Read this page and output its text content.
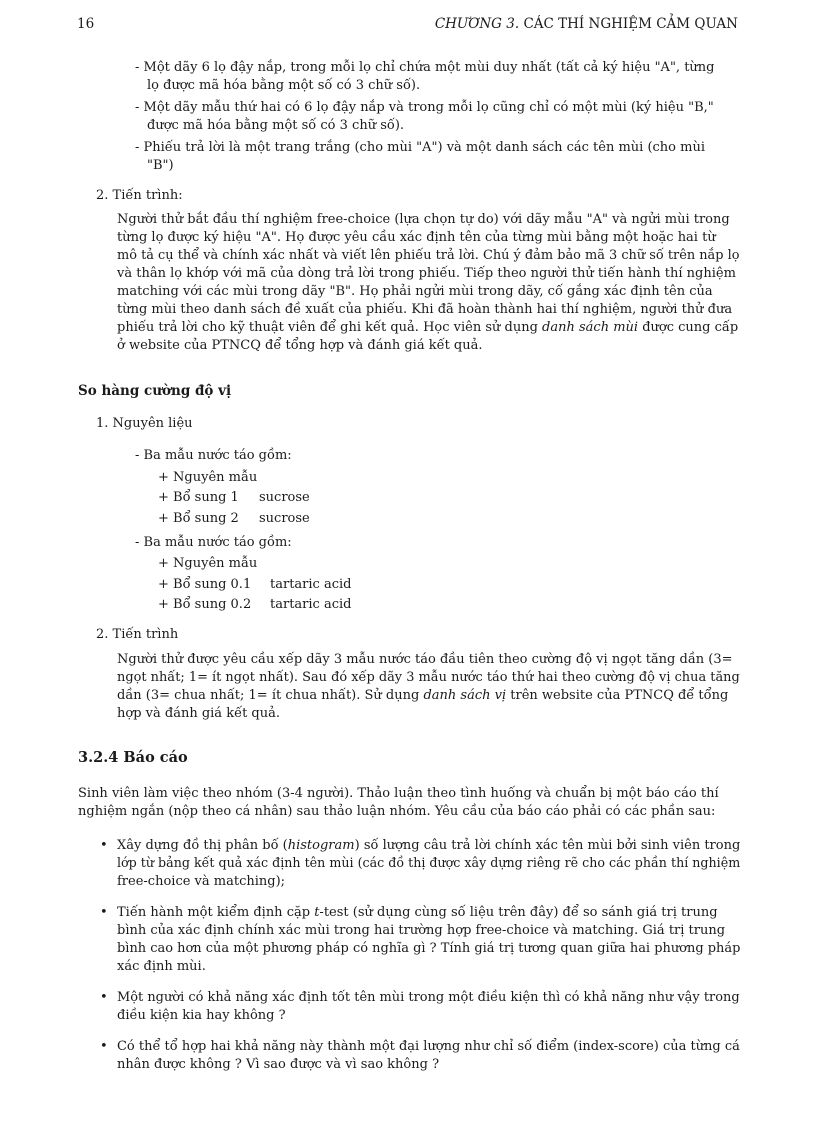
16	CHƯƠNG 3. CÁC THÍ NGHIỆM CẢM QUAN
- Một dãy 6 lọ đậy nắp, trong mỗi lọ chỉ chứa một mùi duy nhất (tất cả ký hiệu "A", từng
lọ được mã hóa bằng một số có 3 chữ số).
- Một dãy mẫu thứ hai có 6 lọ đậy nắp và trong mỗi lọ cũng chỉ có một mùi (ký hiệu "B,"
được mã hóa bằng một số có 3 chữ số).
- Phiếu trả lời là một trang trắng (cho mùi "A") và một danh sách các tên mùi (cho mùi
"B")
2. Tiến trình:
Người thử bắt đầu thí nghiệm free-choice (lựa chọn tự do) với dãy mẫu "A" và ngửi mùi trong
từng lọ được ký hiệu "A". Họ được yêu cầu xác định tên của từng mùi bằng một hoặc hai từ
mô tả cụ thể và chính xác nhất và viết lên phiếu trả lời. Chú ý đảm bảo mã 3 chữ số trên nắp lọ
và thân lọ khớp với mã của dòng trả lời trong phiếu. Tiếp theo người thử tiến hành thí nghiệm
matching với các mùi trong dãy "B". Họ phải ngửi mùi trong dãy, cố gắng xác định tên của
từng mùi theo danh sách đề xuất của phiếu. Khi đã hoàn thành hai thí nghiệm, người thử đưa
phiếu trả lời cho kỹ thuật viên để ghi kết quả. Học viên sử dụng danh sách mùi được cung cấp
ở website của PTNCQ để tổng hợp và đánh giá kết quả.
So hàng cường độ vị
1. Nguyên liệu
- Ba mẫu nước táo gồm:
+ Nguyên mẫu
+ Bổ sung 1 sucrose
+ Bổ sung 2 sucrose
- Ba mẫu nước táo gồm:
+ Nguyên mẫu
+ Bổ sung 0.1 tartaric acid
+ Bổ sung 0.2 tartaric acid
2. Tiến trình
Người thử được yêu cầu xếp dãy 3 mẫu nước táo đầu tiên theo cường độ vị ngọt tăng dần (3=
ngọt nhất; 1= ít ngọt nhất). Sau đó xếp dãy 3 mẫu nước táo thứ hai theo cường độ vị chua tăng
dần (3= chua nhất; 1= ít chua nhất). Sử dụng danh sách vị trên website của PTNCQ để tổng
hợp và đánh giá kết quả.
3.2.4 Báo cáo
Sinh viên làm việc theo nhóm (3-4 người). Thảo luận theo tình huống và chuẩn bị một báo cáo thí
nghiệm ngắn (nộp theo cá nhân) sau thảo luận nhóm. Yêu cầu của báo cáo phải có các phần sau:
• Xây dựng đồ thị phân bố (histogram) số lượng câu trả lời chính xác tên mùi bởi sinh viên trong
lớp từ bảng kết quả xác định tên mùi (các đồ thị được xây dựng riêng rẽ cho các phần thí nghiệm
free-choice và matching);
• Tiến hành một kiểm định cặp t-test (sử dụng cùng số liệu trên đây) để so sánh giá trị trung
bình của xác định chính xác mùi trong hai trường hợp free-choice và matching. Giá trị trung
bình cao hơn của một phương pháp có nghĩa gì ? Tính giá trị tương quan giữa hai phương pháp
xác định mùi.
• Một người có khả năng xác định tốt tên mùi trong một điều kiện thì có khả năng như vậy trong
điều kiện kia hay không ?
• Có thể tổ hợp hai khả năng này thành một đại lượng như chỉ số điểm (index-score) của từng cá
nhân được không ? Vì sao được và vì sao không ?
